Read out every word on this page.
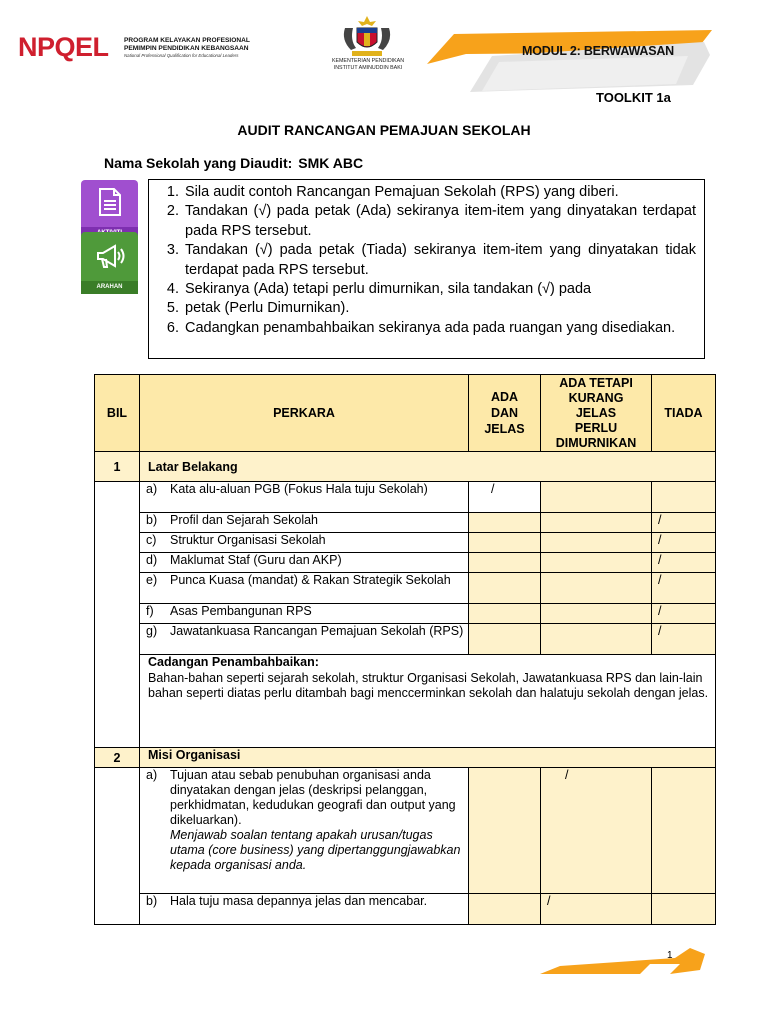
NPQEL PROGRAM KELAYAKAN PROFESIONAL
PEMIMPIN PENDIDIKAN KEBANGSAAN
National Professional Qualification for Educational Leaders
KEMENTERIAN PENDIDIKAN
INSTITUT AMINUDDIN BAKI
MODUL 2: BERWAWASAN
TOOLKIT 1a
AUDIT RANCANGAN PEMAJUAN SEKOLAH
Nama Sekolah yang Diaudit: SMK ABC
ARAHAN
1. Sila audit contoh Rancangan Pemajuan Sekolah (RPS) yang diberi.
2. Tandakan (√) pada petak (Ada) sekiranya item-item yang dinyatakan terdapat pada RPS tersebut.
3. Tandakan (√) pada petak (Tiada) sekiranya item-item yang dinyatakan tidak terdapat pada RPS tersebut.
4. Sekiranya (Ada) tetapi perlu dimurnikan, sila tandakan (√) pada
5. petak (Perlu Dimurnikan).
6. Cadangkan penambahbaikan sekiranya ada pada ruangan yang disediakan.
BIL	PERKARA	ADA DAN JELAS	ADA TETAPI
KURANG
JELAS
PERLU
DIMURNIKAN	TIADA
1	Latar Belakang			

	a) Kata alu-aluan PGB (Fokus Hala tuju Sekolah)	/		

	b) Profil dan Sejarah Sekolah			/

	c) Struktur Organisasi Sekolah			/

	d) Maklumat Staf (Guru dan AKP)			/

	e) Punca Kuasa (mandat) & Rakan Strategik Sekolah			/

	f) Asas Pembangunan RPS			/

	g) Jawatankuasa Rancangan Pemajuan Sekolah (RPS)			/

	Cadangan Penambahbaikan:
Bahan-bahan seperti sejarah sekolah, struktur Organisasi Sekolah, Jawatankuasa RPS dan lain-lain bahan seperti diatas perlu ditambah bagi menccerminkan sekolah dan halatuju sekolah dengan jelas.			

2	Misi Organisasi			

	a) Tujuan atau sebab penubuhan organisasi anda dinyatakan dengan jelas (deskripsi pelanggan, perkhidmatan, kedudukan geografi dan output yang dikeluarkan).
Menjawab soalan tentang apakah urusan/tugas utama (core business) yang dipertanggungjawabkan kepada organisasi anda.		/	

	b) Hala tuju masa depannya jelas dan mencabar.		/	
1
